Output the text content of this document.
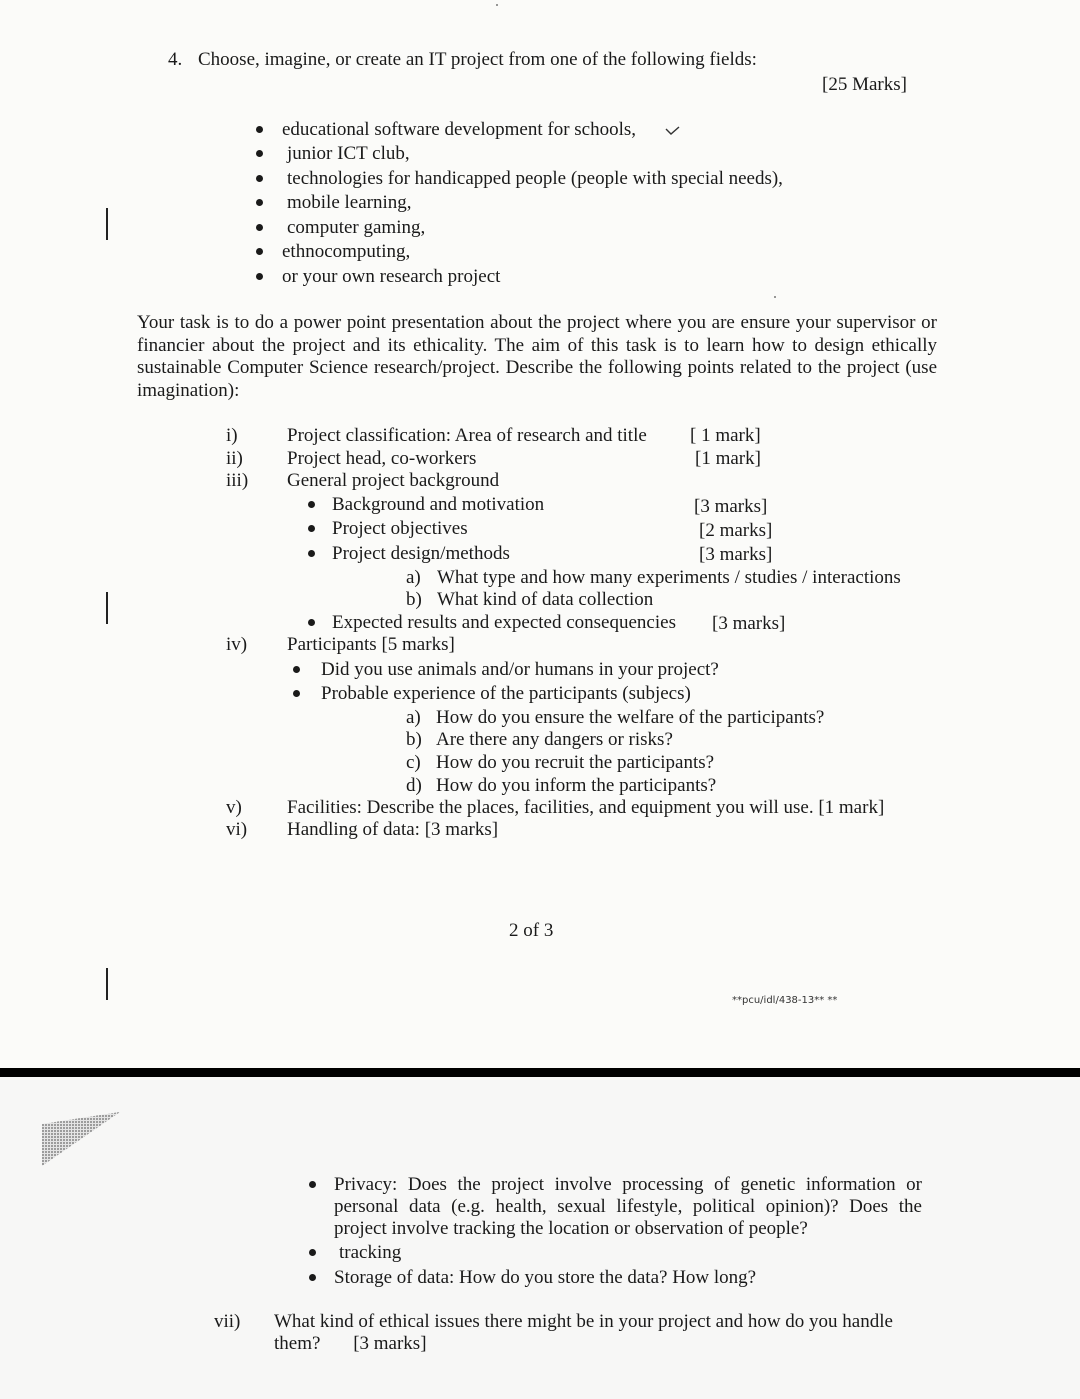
4. Choose, imagine, or create an IT project from one of the following fields:
[25 Marks]
educational software development for schools,
junior ICT club,
technologies for handicapped people (people with special needs),
mobile learning,
computer gaming,
ethnocomputing,
or your own research project
Your task is to do a power point presentation about the project where you are ensure your supervisor or financier about the project and its ethicality. The aim of this task is to learn how to design ethically sustainable Computer Science research/project. Describe the following points related to the project (use imagination):
i)	Project classification: Area of research and title [ 1 mark]
ii) Project head, co-workers	[1 mark]
iii) General project background
Background and motivation	[3 marks]
Project objectives	[2 marks]
Project design/methods	[3 marks]
a) What type and how many experiments / studies / interactions
b) What kind of data collection
Expected results and expected consequencies [3 marks]
iv) Participants [5 marks]
Did you use animals and/or humans in your project?
Probable experience of the participants (subjecs)
a) How do you ensure the welfare of the participants?
b) Are there any dangers or risks?
c) How do you recruit the participants?
d) How do you inform the participants?
v) Facilities: Describe the places, facilities, and equipment you will use. [1 mark]
vi) Handling of data: [3 marks]
2 of 3
**pcu/idl/438-13** **
Privacy: Does the project involve processing of genetic information or personal data (e.g. health, sexual lifestyle, political opinion)? Does the project involve tracking the location or observation of people?
tracking
Storage of data: How do you store the data? How long?
vii) What kind of ethical issues there might be in your project and how do you handle them? [3 marks]
